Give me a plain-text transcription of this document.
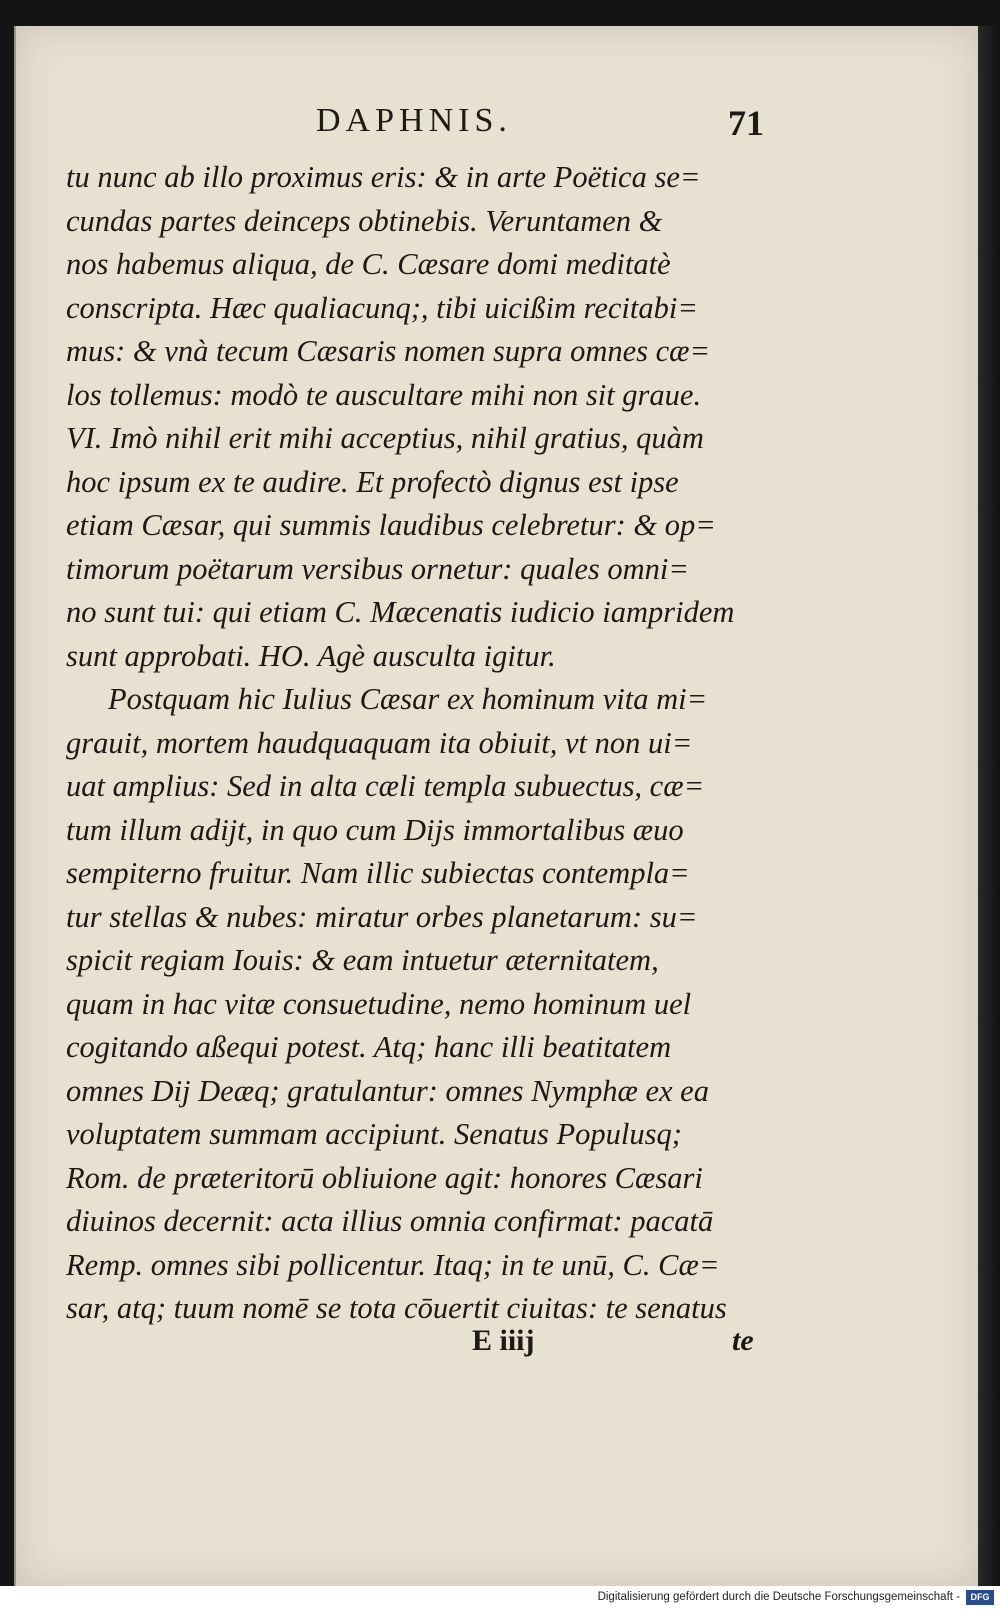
DAPHNIS.	71
tu nunc ab illo proximus eris: & in arte Poëtica se=
cundas partes deinceps obtinebis. Veruntamen &
nos habemus aliqua, de C. Cæsare domi meditatè
conscripta. Hæc qualiacunq;, tibi uicißim recitabi=
mus: & vnà tecum Cæsaris nomen supra omnes cæ=
los tollemus: modò te auscultare mihi non sit graue.
VI. Imò nihil erit mihi acceptius, nihil gratius, quàm
hoc ipsum ex te audire. Et profectò dignus est ipse
etiam Cæsar, qui summis laudibus celebretur: & op=
timorum poëtarum versibus ornetur: quales omni=
no sunt tui: qui etiam C. Mæcenatis iudicio iampridem
sunt approbati. HO. Agè ausculta igitur.
Postquam hic Iulius Cæsar ex hominum vita mi=
grauit, mortem haudquaquam ita obiuit, vt non ui=
uat amplius: Sed in alta cæli templa subuectus, cæ=
tum illum adijt, in quo cum Dijs immortalibus æuo
sempiterno fruitur. Nam illic subiectas contempla=
tur stellas & nubes: miratur orbes planetarum: su=
spicit regiam Iouis: & eam intuetur æternitatem,
quam in hac vitæ consuetudine, nemo hominum uel
cogitando aßequi potest. Atq; hanc illi beatitatem
omnes Dij Deæq; gratulantur: omnes Nymphæ ex ea
voluptatem summam accipiunt. Senatus Populusq;
Rom. de præteritorū obliuione agit: honores Cæsari
diuinos decernit: acta illius omnia confirmat: pacatā
Remp. omnes sibi pollicentur. Itaq; in te unū, C. Cæ=
sar, atq; tuum nomē se tota cōuertit ciuitas: te senatus
E iiij	te
Digitalisierung gefördert durch die Deutsche Forschungsgemeinschaft -	DFG
